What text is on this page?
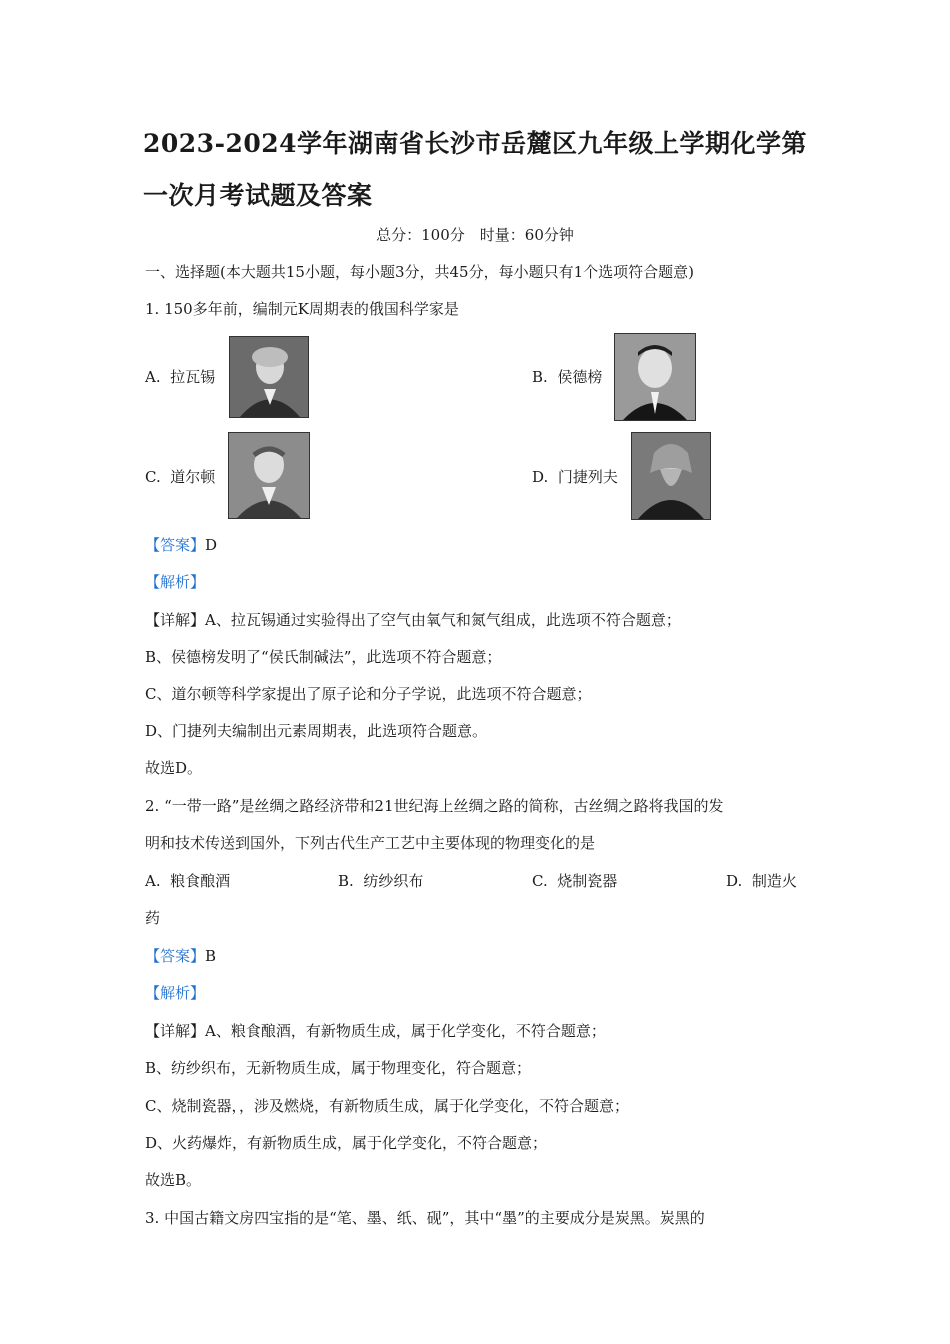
2023-2024学年湖南省长沙市岳麓区九年级上学期化学第一次月考试题及答案
总分：100分　时量：60分钟
一、选择题(本大题共15小题，每小题3分，共45分，每小题只有1个选项符合题意)
1. 150多年前，编制元K周期表的俄国科学家是
A. 拉瓦锡	B. 侯德榜
C. 道尔顿	D. 门捷列夫
【答案】D
【解析】
【详解】A、拉瓦锡通过实验得出了空气由氧气和氮气组成，此选项不符合题意；
B、侯德榜发明了“侯氏制碱法”，此选项不符合题意；
C、道尔顿等科学家提出了原子论和分子学说，此选项不符合题意；
D、门捷列夫编制出元素周期表，此选项符合题意。
故选D。
2. “一带一路”是丝绸之路经济带和21世纪海上丝绸之路的简称，古丝绸之路将我国的发
明和技术传送到国外，下列古代生产工艺中主要体现的物理变化的是
A. 粮食酿酒	B. 纺纱织布	C. 烧制瓷器	D. 制造火
药
【答案】B
【解析】
【详解】A、粮食酿酒，有新物质生成，属于化学变化，不符合题意；
B、纺纱织布，无新物质生成，属于物理变化，符合题意；
C、烧制瓷器，，涉及燃烧，有新物质生成，属于化学变化，不符合题意；
D、火药爆炸，有新物质生成，属于化学变化，不符合题意；
故选B。
3. 中国古籍文房四宝指的是“笔、墨、纸、砚”，其中“墨”的主要成分是炭黑。炭黑的
